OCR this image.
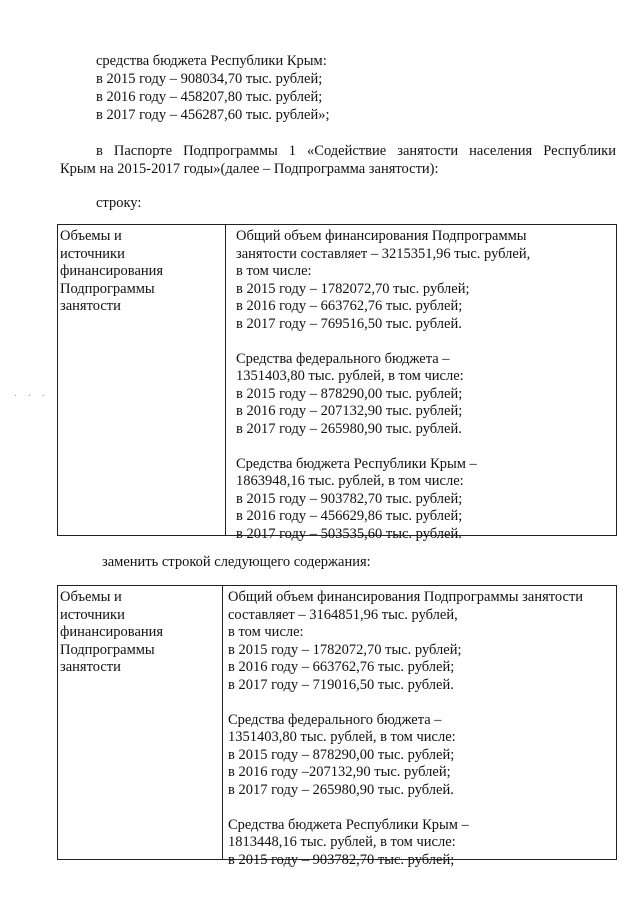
средства бюджета Республики Крым:
в 2015 году – 908034,70 тыс. рублей;
в 2016 году – 458207,80 тыс. рублей;
в 2017 году – 456287,60 тыс. рублей»;
в Паспорте Подпрограммы 1 «Содействие занятости населения Республики
Крым на 2015-2017 годы»(далее – Подпрограмма занятости):
строку:
· · ·
Объемы и
источники
финансирования
Подпрограммы
занятости
Общий объем финансирования Подпрограммы
занятости составляет – 3215351,96 тыс. рублей,
в том числе:
в 2015 году – 1782072,70 тыс. рублей;
в 2016 году – 663762,76 тыс. рублей;
в 2017 году – 769516,50 тыс. рублей.
Средства федерального бюджета –
1351403,80 тыс. рублей, в том числе:
в 2015 году – 878290,00 тыс. рублей;
в 2016 году – 207132,90 тыс. рублей;
в 2017 году – 265980,90 тыс. рублей.
Средства бюджета Республики Крым –
1863948,16 тыс. рублей, в том числе:
в 2015 году – 903782,70 тыс. рублей;
в 2016 году – 456629,86 тыс. рублей;
в 2017 году – 503535,60 тыс. рублей.
заменить строкой следующего содержания:
Объемы и
источники
финансирования
Подпрограммы
занятости
Общий объем финансирования Подпрограммы занятости
составляет – 3164851,96 тыс. рублей,
в том числе:
в 2015 году – 1782072,70 тыс. рублей;
в 2016 году – 663762,76 тыс. рублей;
в 2017 году – 719016,50 тыс. рублей.
Средства федерального бюджета –
1351403,80 тыс. рублей, в том числе:
в 2015 году – 878290,00 тыс. рублей;
в 2016 году –207132,90 тыс. рублей;
в 2017 году – 265980,90 тыс. рублей.
Средства бюджета Республики Крым –
1813448,16 тыс. рублей, в том числе:
в 2015 году – 903782,70 тыс. рублей;
